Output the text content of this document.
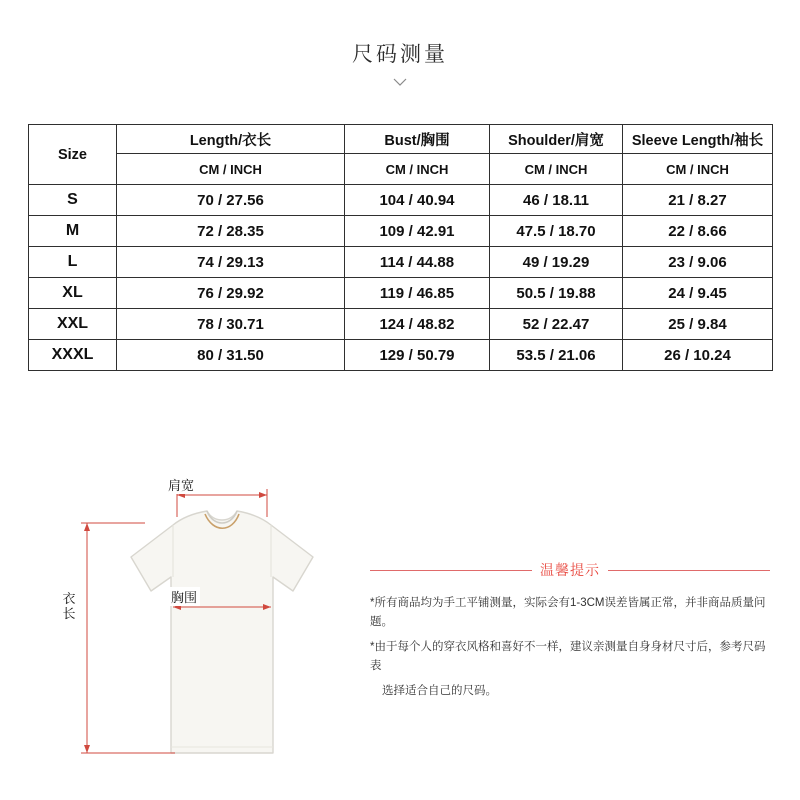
尺码测量
Size	Length/衣长	Bust/胸围	Shoulder/肩宽	Sleeve Length/袖长
	CM / INCH	CM / INCH	CM / INCH	CM / INCH
S	70 / 27.56	104 / 40.94	46 / 18.11	21 / 8.27
M	72 / 28.35	109 / 42.91	47.5 / 18.70	22 / 8.66
L	74 / 29.13	114 / 44.88	49 / 19.29	23 / 9.06
XL	76 / 29.92	119 / 46.85	50.5 / 19.88	24 / 9.45
XXL	78 / 30.71	124 / 48.82	52 / 22.47	25 / 9.84
XXXL	80 / 31.50	129 / 50.79	53.5 / 21.06	26 / 10.24
肩宽
胸围
衣长
温馨提示
*所有商品均为手工平铺测量，实际会有1-3CM误差皆属正常，并非商品质量问题。
*由于每个人的穿衣风格和喜好不一样，建议亲测量自身身材尺寸后，参考尺码表
选择适合自己的尺码。
